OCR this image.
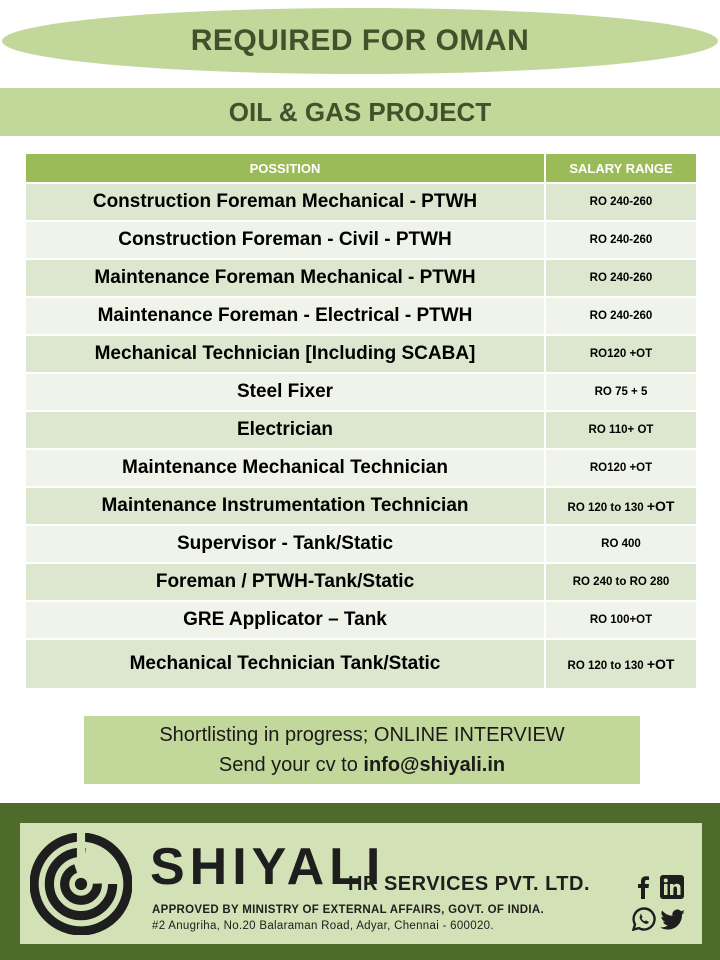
REQUIRED FOR OMAN
OIL & GAS PROJECT
POSSITION	SALARY RANGE
Construction Foreman Mechanical - PTWH	RO 240-260
Construction Foreman - Civil - PTWH	RO 240-260
Maintenance Foreman Mechanical - PTWH	RO 240-260
Maintenance Foreman - Electrical - PTWH	RO 240-260
Mechanical Technician [Including SCABA]	RO120 +OT
Steel Fixer	RO 75 + 5
Electrician	RO 110+ OT
Maintenance Mechanical Technician	RO120 +OT
Maintenance Instrumentation Technician	RO 120 to 130 +OT
Supervisor - Tank/Static	RO 400
Foreman / PTWH-Tank/Static	RO 240 to RO 280
GRE Applicator – Tank	RO 100+OT
Mechanical Technician Tank/Static	RO 120 to 130 +OT
Shortlisting in progress; ONLINE INTERVIEW
Send your cv to info@shiyali.in
SHIYALI
HR SERVICES PVT. LTD.
APPROVED BY MINISTRY OF EXTERNAL AFFAIRS, GOVT. OF INDIA.
#2 Anugriha, No.20 Balaraman Road, Adyar, Chennai - 600020.
